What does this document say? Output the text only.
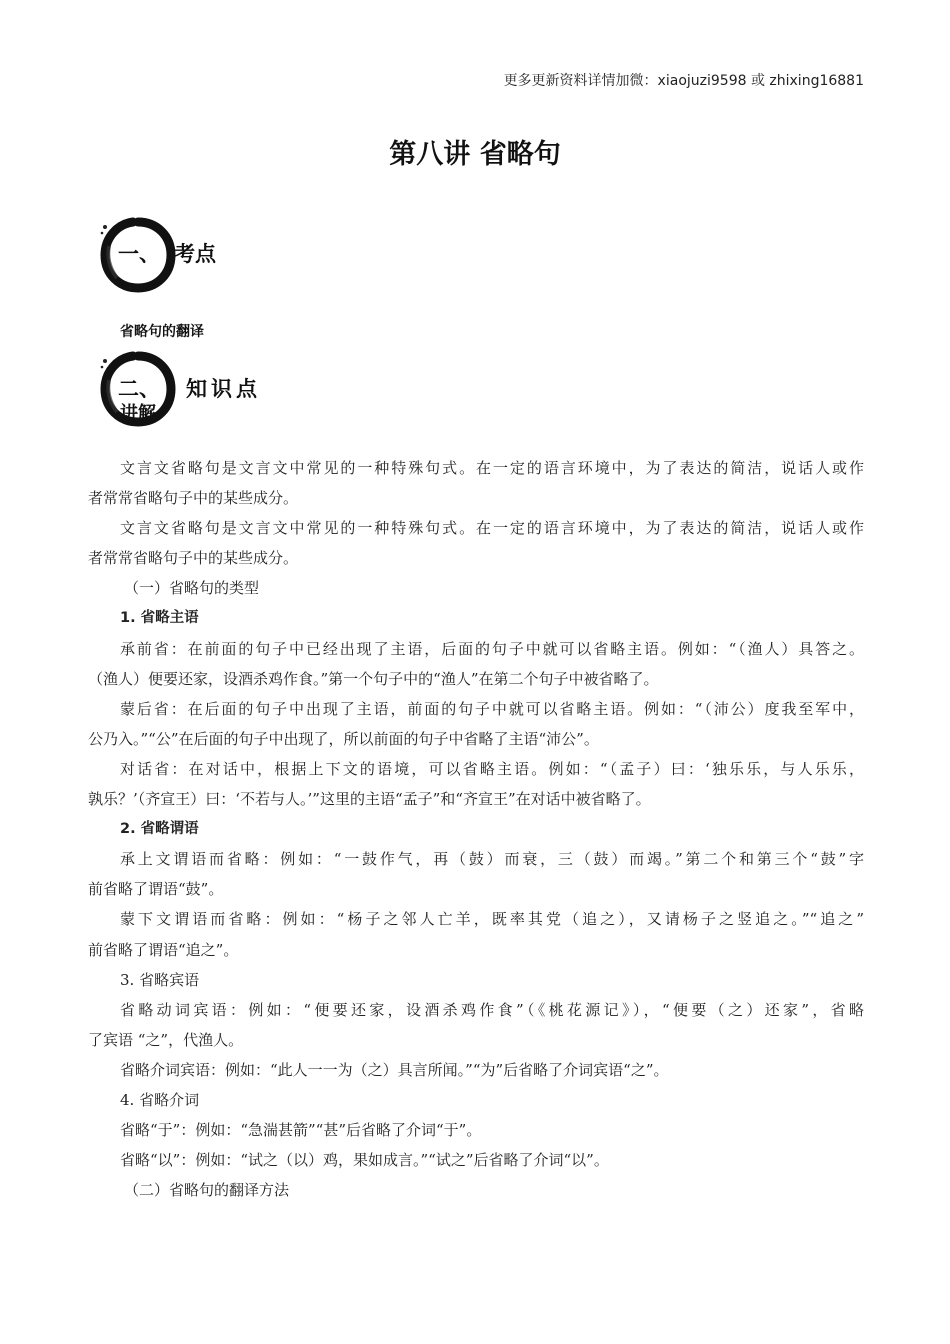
更多更新资料详情加微：xiaojuzi9598 或 zhixing16881
第八讲 省略句
一、 考点
省略句的翻译
二、 知识点
讲解
文言文省略句是文言文中常见的一种特殊句式。在一定的语言环境中，为了表达的简洁，说话人或作
者常常省略句子中的某些成分。
文言文省略句是文言文中常见的一种特殊句式。在一定的语言环境中，为了表达的简洁，说话人或作
者常常省略句子中的某些成分。
（一）省略句的类型
1. 省略主语
承前省：在前面的句子中已经出现了主语，后面的句子中就可以省略主语。例如：“（渔人）具答之。
（渔人）便要还家，设酒杀鸡作食。”第一个句子中的“渔人”在第二个句子中被省略了。
蒙后省：在后面的句子中出现了主语，前面的句子中就可以省略主语。例如：“（沛公）度我至军中，
公乃入。”“公”在后面的句子中出现了，所以前面的句子中省略了主语“沛公”。
对话省：在对话中，根据上下文的语境，可以省略主语。例如：“（孟子）曰：‘独乐乐，与人乐乐，
孰乐？’（齐宣王）曰：‘不若与人。’”这里的主语“孟子”和“齐宣王”在对话中被省略了。
2. 省略谓语
承上文谓语而省略：例如：“一鼓作气，再（鼓）而衰，三（鼓）而竭。”第二个和第三个“鼓”字
前省略了谓语“鼓”。
蒙下文谓语而省略：例如：“杨子之邻人亡羊，既率其党（追之），又请杨子之竖追之。”“追之”
前省略了谓语“追之”。
3. 省略宾语
省略动词宾语：例如：“便要还家，设酒杀鸡作食”（《桃花源记》），“便要（之）还家”，省略
了宾语 “之”，代渔人。
省略介词宾语：例如：“此人一一为（之）具言所闻。”“为”后省略了介词宾语“之”。
4. 省略介词
省略“于”：例如：“急湍甚箭”“甚”后省略了介词“于”。
省略“以”：例如：“试之（以）鸡，果如成言。”“试之”后省略了介词“以”。
（二）省略句的翻译方法
